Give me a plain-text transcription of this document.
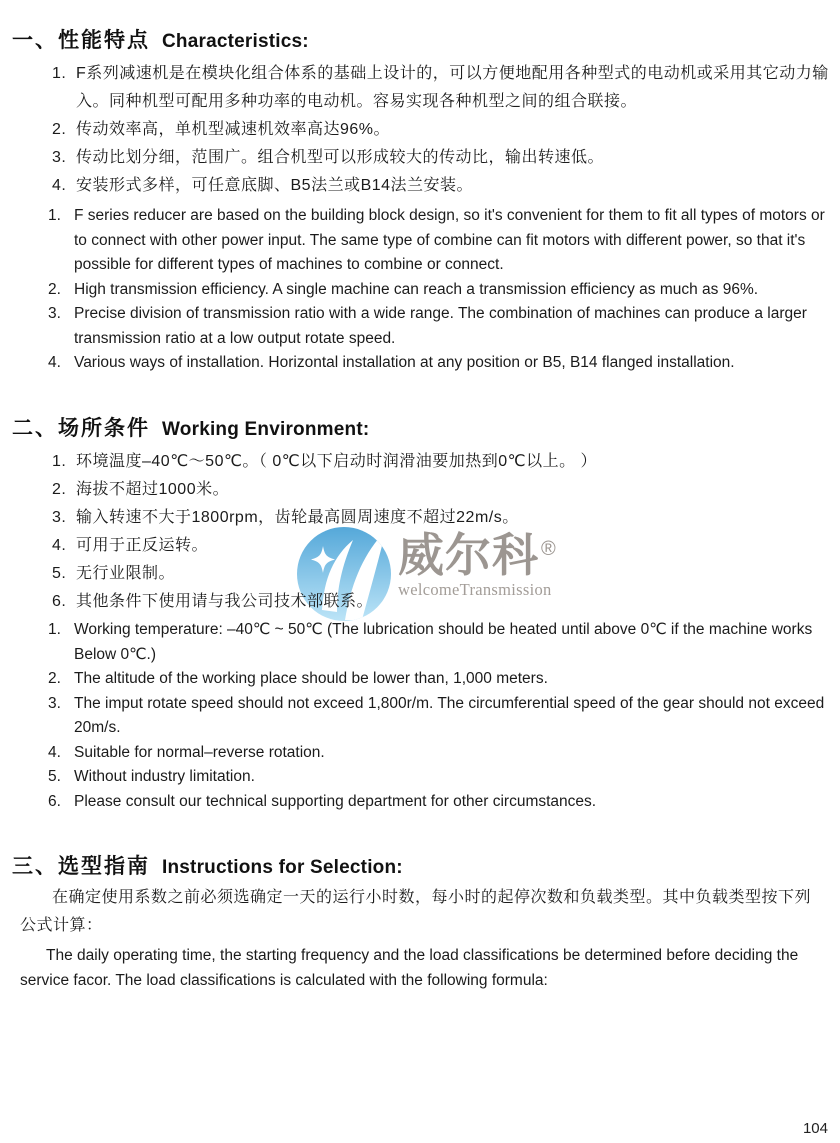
一、性能特点 Characteristics:
1. F系列减速机是在模块化组合体系的基础上设计的，可以方便地配用各种型式的电动机或采用其它动力输入。同种机型可配用多种功率的电动机。容易实现各种机型之间的组合联接。
2. 传动效率高，单机型减速机效率高达96%。
3. 传动比划分细，范围广。组合机型可以形成较大的传动比，输出转速低。
4. 安装形式多样，可任意底脚、B5法兰或B14法兰安装。
1. F series reducer are based on the building block design, so it's convenient for them to fit all types of motors or to connect with other power input. The same type of combine can fit motors with different power, so that it's possible for different types of machines to combine or connect.
2. High transmission efficiency. A single machine can reach a transmission efficiency as much as 96%.
3. Precise division of transmission ratio with a wide range. The combination of machines can produce a larger transmission ratio at a low output rotate speed.
4. Various ways of installation. Horizontal installation at any position or B5, B14 flanged installation.
二、场所条件 Working Environment:
1. 环境温度–40℃～50℃。（ 0℃以下启动时润滑油要加热到0℃以上。 ）
2. 海拔不超过1000米。
3. 输入转速不大于1800rpm，齿轮最高圆周速度不超过22m/s。
4. 可用于正反运转。
5. 无行业限制。
6. 其他条件下使用请与我公司技术部联系。
威尔科 ®
welcomeTransmission
1. Working temperature: –40℃ ~ 50℃ (The lubrication should be heated until above 0℃ if the machine works Below 0℃.)
2. The altitude of the working place should be lower than, 1,000 meters.
3. The imput rotate speed should not exceed 1,800r/m. The circumferential speed of the gear should not exceed 20m/s.
4. Suitable for normal–reverse rotation.
5. Without industry limitation.
6. Please consult our technical supporting department for other circumstances.
三、选型指南 Instructions for Selection:
在确定使用系数之前必须选确定一天的运行小时数，每小时的起停次数和负载类型。其中负载类型按下列公式计算：
The daily operating time, the starting frequency and the load classifications be determined before deciding the service facor. The load classifications is calculated with the following formula:
104
